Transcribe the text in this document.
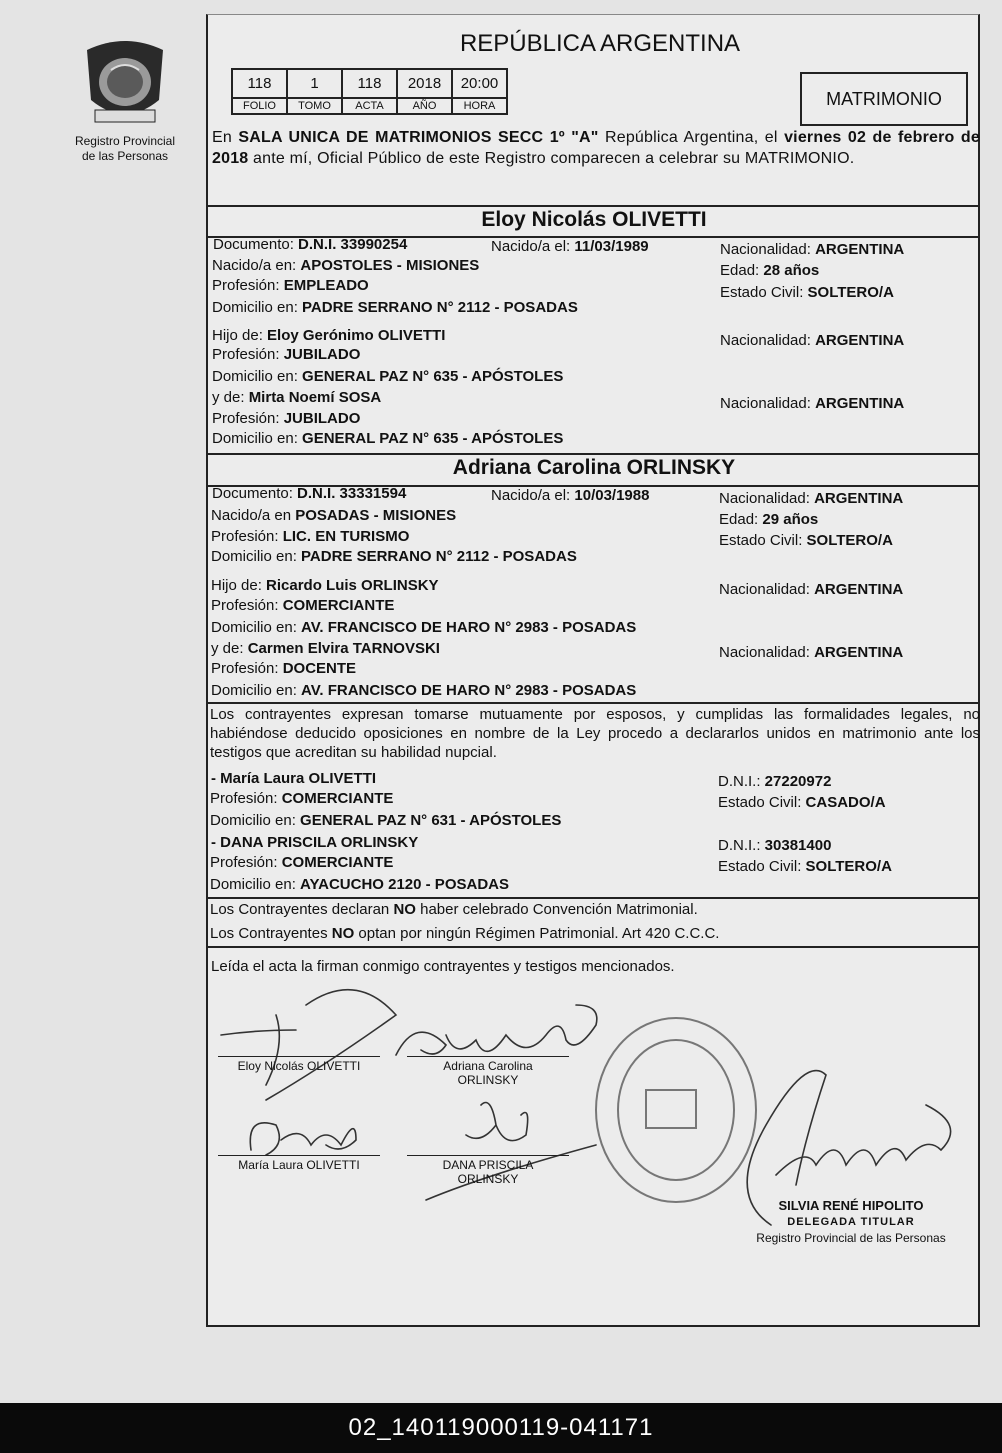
Registro Provincial
de las Personas
REPÚBLICA ARGENTINA
118	1	118	2018	20:00
FOLIO	TOMO	ACTA	AÑO	HORA	MATRIMONIO
En SALA UNICA DE MATRIMONIOS SECC 1º "A" República Argentina, el viernes 02 de febrero de 2018 ante mí, Oficial Público de este Registro comparecen a celebrar su MATRIMONIO.
Eloy Nicolás OLIVETTI
Documento: D.N.I. 33990254	Nacido/a el: 11/03/1989	Nacionalidad: ARGENTINA
Nacido/a en: APOSTOLES - MISIONES	Edad: 28 años
Profesión: EMPLEADO	Estado Civil: SOLTERO/A
Domicilio en: PADRE SERRANO N° 2112 - POSADAS
Hijo de: Eloy Gerónimo OLIVETTI	Nacionalidad: ARGENTINA
Profesión: JUBILADO
Domicilio en: GENERAL PAZ N° 635 - APÓSTOLES
y de: Mirta Noemí SOSA	Nacionalidad: ARGENTINA
Profesión: JUBILADO
Domicilio en: GENERAL PAZ N° 635 - APÓSTOLES
Adriana Carolina ORLINSKY
Documento: D.N.I. 33331594	Nacido/a el: 10/03/1988	Nacionalidad: ARGENTINA
Nacido/a en POSADAS - MISIONES	Edad: 29 años
Profesión: LIC. EN TURISMO	Estado Civil: SOLTERO/A
Domicilio en: PADRE SERRANO N° 2112 - POSADAS
Hijo de: Ricardo Luis ORLINSKY	Nacionalidad: ARGENTINA
Profesión: COMERCIANTE
Domicilio en: AV. FRANCISCO DE HARO N° 2983 - POSADAS
y de: Carmen Elvira TARNOVSKI	Nacionalidad: ARGENTINA
Profesión: DOCENTE
Domicilio en: AV. FRANCISCO DE HARO N° 2983 - POSADAS
Los contrayentes expresan tomarse mutuamente por esposos, y cumplidas las formalidades legales, no habiéndose deducido oposiciones en nombre de la Ley procedo a declararlos unidos en matrimonio ante los testigos que acreditan su habilidad nupcial.
- María Laura OLIVETTI	D.N.I.: 27220972
Profesión: COMERCIANTE	Estado Civil: CASADO/A
Domicilio en: GENERAL PAZ N° 631 - APÓSTOLES
- DANA PRISCILA ORLINSKY	D.N.I.: 30381400
Profesión: COMERCIANTE	Estado Civil: SOLTERO/A
Domicilio en: AYACUCHO 2120 - POSADAS
Los Contrayentes declaran NO haber celebrado Convención Matrimonial.
Los Contrayentes NO optan por ningún Régimen Patrimonial. Art 420 C.C.C.
Leída el acta la firman conmigo contrayentes y testigos mencionados.
Eloy Nicolás OLIVETTI	Adriana Carolina
ORLINSKY
María Laura OLIVETTI	DANA PRISCILA
ORLINSKY
SILVIA RENÉ HIPOLITO
DELEGADA TITULAR
Registro Provincial de las Personas
02_140119000119-041171
